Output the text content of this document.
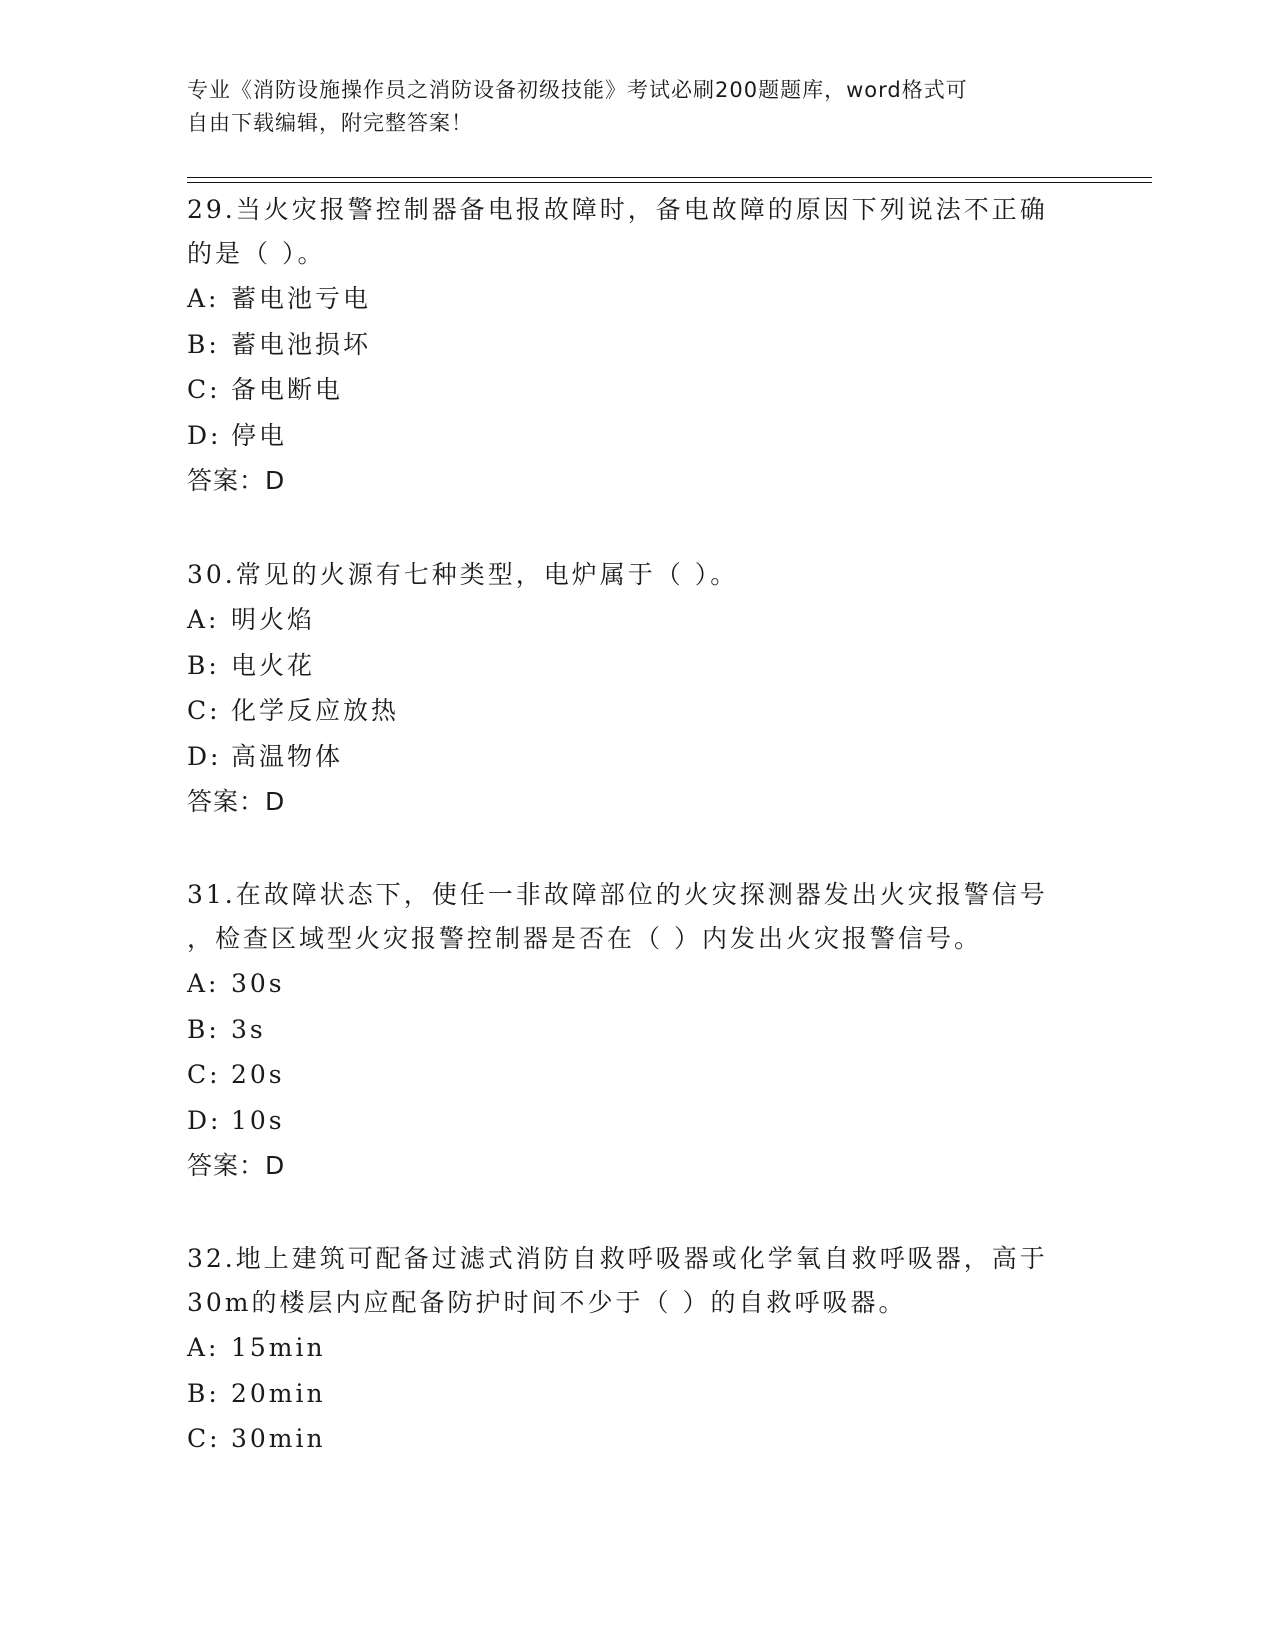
专业《消防设施操作员之消防设备初级技能》考试必刷200题题库，word格式可
自由下载编辑，附完整答案！
29.当火灾报警控制器备电报故障时，备电故障的原因下列说法不正确
的是（ ）。
A: 蓄电池亏电
B: 蓄电池损坏
C: 备电断电
D: 停电
答案：D
30.常见的火源有七种类型，电炉属于（ ）。
A: 明火焰
B: 电火花
C: 化学反应放热
D: 高温物体
答案：D
31.在故障状态下，使任一非故障部位的火灾探测器发出火灾报警信号
，检查区域型火灾报警控制器是否在（ ）内发出火灾报警信号。
A: 30s
B: 3s
C: 20s
D: 10s
答案：D
32.地上建筑可配备过滤式消防自救呼吸器或化学氧自救呼吸器，高于
30m的楼层内应配备防护时间不少于（ ）的自救呼吸器。
A: 15min
B: 20min
C: 30min
